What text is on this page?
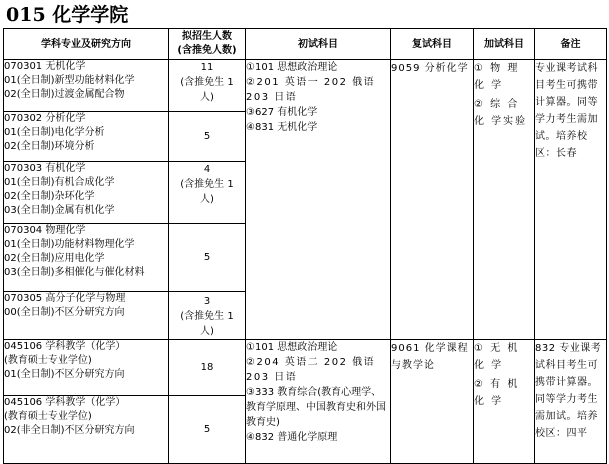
015 化学学院
学科专业及研究方向	拟招生人数
(含推免人数)	初试科目	复试科目	加试科目	备注

070301 无机化学
01(全日制)新型功能材料化学
02(全日制)过渡金属配合物	11
(含推免生 1
人)	①101 思想政治理论
②201 英语一 202 俄语 203 日语
③627 有机化学
④831 无机化学	9059 分析化学	① 物 理 化 学
② 综 合 化 学实验	专业课考试科目考生可携带计算器。同等学力考生需加试。培养校区：长春

070302 分析化学
01(全日制)电化学分析
02(全日制)环境分析	5				

070303 有机化学
01(全日制)有机合成化学
02(全日制)杂环化学
03(全日制)金属有机化学	4
(含推免生 1
人)				

070304 物理化学
01(全日制)功能材料物理化学
02(全日制)应用电化学
03(全日制)多相催化与催化材料	5				

070305 高分子化学与物理
00(全日制)不区分研究方向	3
(含推免生 1
人)				

045106 学科教学（化学）
(教育硕士专业学位)
01(全日制)不区分研究方向	18	①101 思想政治理论
②204 英语二 202 俄语 203 日语
③333 教育综合(教育心理学、教育学原理、中国教育史和外国教育史)
④832 普通化学原理	9061 化学课程与教学论	① 无 机 化 学
② 有 机 化 学	832 专业课考试科目考生可携带计算器。同等学力考生需加试。培养校区：四平

045106 学科教学（化学）
(教育硕士专业学位)
02(非全日制)不区分研究方向	5				
